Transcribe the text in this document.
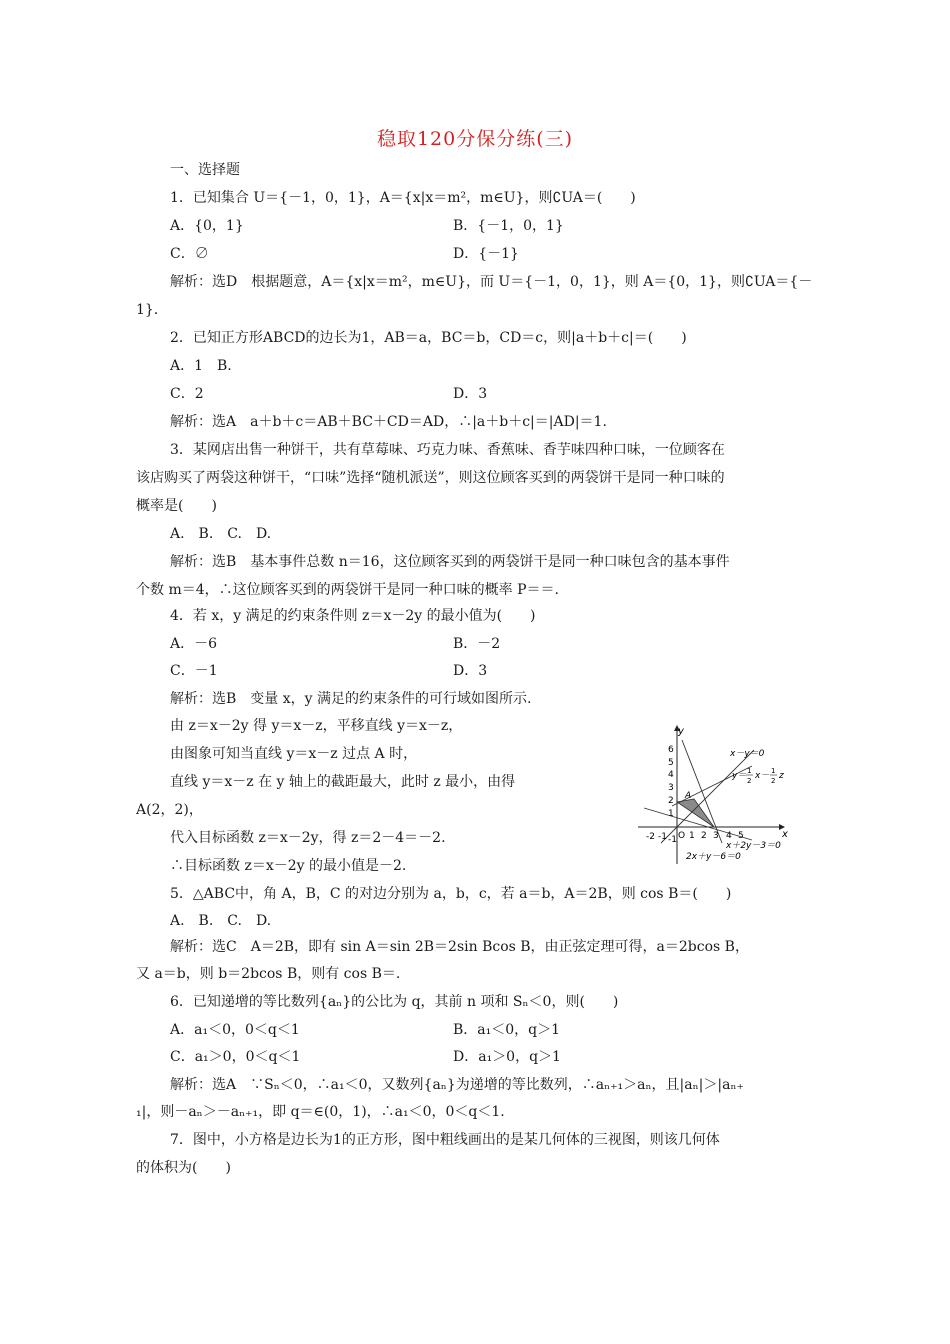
稳取120分保分练(三)
一、选择题
1．已知集合 U＝{－1，0，1}，A＝{x|x＝m²，m∈U}，则∁UA＝(　　)
A．{0，1}	B．{－1，0，1}
C．∅	D．{－1}
解析：选D　根据题意，A＝{x|x＝m²，m∈U}，而 U＝{－1，0，1}，则 A＝{0，1}，则∁UA＝{－
1}．
2．已知正方形ABCD的边长为1，AB＝a，BC＝b，CD＝c，则|a＋b＋c|＝(　　)
A．1　B.
C．2	D．3
解析：选A　a＋b＋c＝AB＋BC＋CD＝AD，∴|a＋b＋c|＝|AD|＝1.
3．某网店出售一种饼干，共有草莓味、巧克力味、香蕉味、香芋味四种口味，一位顾客在
该店购买了两袋这种饼干，“口味”选择“随机派送”，则这位顾客买到的两袋饼干是同一种口味的
概率是(　　)
A.　B.　C.　D.
解析：选B　基本事件总数 n＝16，这位顾客买到的两袋饼干是同一种口味包含的基本事件
个数 m＝4，∴这位顾客买到的两袋饼干是同一种口味的概率 P＝＝.
4．若 x，y 满足的约束条件则 z＝x－2y 的最小值为(　　)
A．－6	B．－2
C．－1	D．3
解析：选B　变量 x，y 满足的约束条件的可行域如图所示.
由 z＝x－2y 得 y＝x－z，平移直线 y＝x－z，
由图象可知当直线 y＝x－z 过点 A 时，
直线 y＝x－z 在 y 轴上的截距最大，此时 z 最小，由得
A(2，2)，
代入目标函数 z＝x－2y，得 z＝2－4＝－2.
∴目标函数 z＝x－2y 的最小值是－2.
y
x
6
5
4
3
2
1
-1
-2 -1 O 1 2 3 4 5
A
x－y＝0
y＝ 1
2 x－ 1
2 z
x＋2y－3＝0
2x＋y－6＝0
5．△ABC中，角 A，B，C 的对边分别为 a，b，c，若 a＝b，A＝2B，则 cos B＝(　　)
A.　B.　C.　D.
解析：选C　A＝2B，即有 sin A＝sin 2B＝2sin Bcos B，由正弦定理可得，a＝2bcos B，
又 a＝b，则 b＝2bcos B，则有 cos B＝.
6．已知递增的等比数列{aₙ}的公比为 q，其前 n 项和 Sₙ＜0，则(　　)
A．a₁＜0，0＜q＜1	B．a₁＜0，q＞1
C．a₁＞0，0＜q＜1	D．a₁＞0，q＞1
解析：选A　∵Sₙ＜0，∴a₁＜0，又数列{aₙ}为递增的等比数列，∴aₙ₊₁＞aₙ，且|aₙ|＞|aₙ₊
₁|，则－aₙ＞－aₙ₊₁，即 q＝∈(0，1)，∴a₁＜0，0＜q＜1.
7．图中，小方格是边长为1的正方形，图中粗线画出的是某几何体的三视图，则该几何体
的体积为(　　)
